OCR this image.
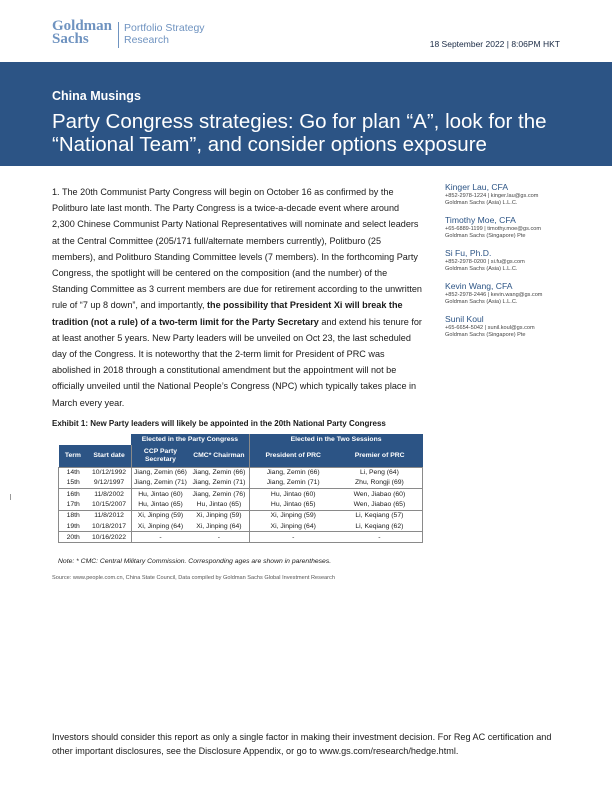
Goldman
Sachs
Portfolio Strategy
Research	18 September 2022 | 8:06PM HKT
China Musings
Party Congress strategies: Go for plan “A”, look for the “National Team”, and consider options exposure

1. The 20th Communist Party Congress will begin on October 16 as confirmed by the Politburo late last month. The Party Congress is a twice-a-decade event where around 2,300 Chinese Communist Party National Representatives will nominate and select leaders at the Central Committee (205/171 full/alternate members currently), Politburo (25 members), and Politburo Standing Committee levels (7 members). In the forthcoming Party Congress, the spotlight will be centered on the composition (and the number) of the Standing Committee as 3 current members are due for retirement according to the unwritten rule of “7 up 8 down”, and importantly, the possibility that President Xi will break the tradition (not a rule) of a two-term limit for the Party Secretary and extend his tenure for at least another 5 years. New Party leaders will be unveiled on Oct 23, the last scheduled day of the Congress. It is noteworthy that the 2-term limit for President of PRC was abolished in 2018 through a constitutional amendment but the appointment will not be officially unveiled until the National People’s Congress (NPC) which typically takes place in March every year.

Kinger Lau, CFA
+852-2978-1224 | kinger.lau@gs.com
Goldman Sachs (Asia) L.L.C.
Timothy Moe, CFA
+65-6889-1199 | timothy.moe@gs.com
Goldman Sachs (Singapore) Pte
Si Fu, Ph.D.
+852-2978-0200 | si.fu@gs.com
Goldman Sachs (Asia) L.L.C.
Kevin Wang, CFA
+852-2978-2446 | kevin.wang@gs.com
Goldman Sachs (Asia) L.L.C.
Sunil Koul
+65-6654-5042 | sunil.koul@gs.com
Goldman Sachs (Singapore) Pte
Exhibit 1: New Party leaders will likely be appointed in the 20th National Party Congress
		Elected in the Party Congress		Elected in the Two Sessions	
Term	Start date	CCP Party Secretary	CMC* Chairman	President of PRC	Premier of PRC
14th	10/12/1992	Jiang, Zemin (66)	Jiang, Zemin (66)	Jiang, Zemin (66)	Li, Peng (64)
15th	9/12/1997	Jiang, Zemin (71)	Jiang, Zemin (71)	Jiang, Zemin (71)	Zhu, Rongji (69)
16th	11/8/2002	Hu, Jintao (60)	Jiang, Zemin (76)	Hu, Jintao (60)	Wen, Jiabao (60)
17th	10/15/2007	Hu, Jintao (65)	Hu, Jintao (65)	Hu, Jintao (65)	Wen, Jiabao (65)
18th	11/8/2012	Xi, Jinping (59)	Xi, Jinping (59)	Xi, Jinping (59)	Li, Keqiang (57)
19th	10/18/2017	Xi, Jinping (64)	Xi, Jinping (64)	Xi, Jinping (64)	Li, Keqiang (62)
20th	10/16/2022	-	-	-	-
Note: * CMC: Central Military Commission. Corresponding ages are shown in parentheses.
Source: www.people.com.cn, China State Council, Data compiled by Goldman Sachs Global Investment Research

Investors should consider this report as only a single factor in making their investment decision. For Reg AC certification and other important disclosures, see the Disclosure Appendix, or go to www.gs.com/research/hedge.html.
